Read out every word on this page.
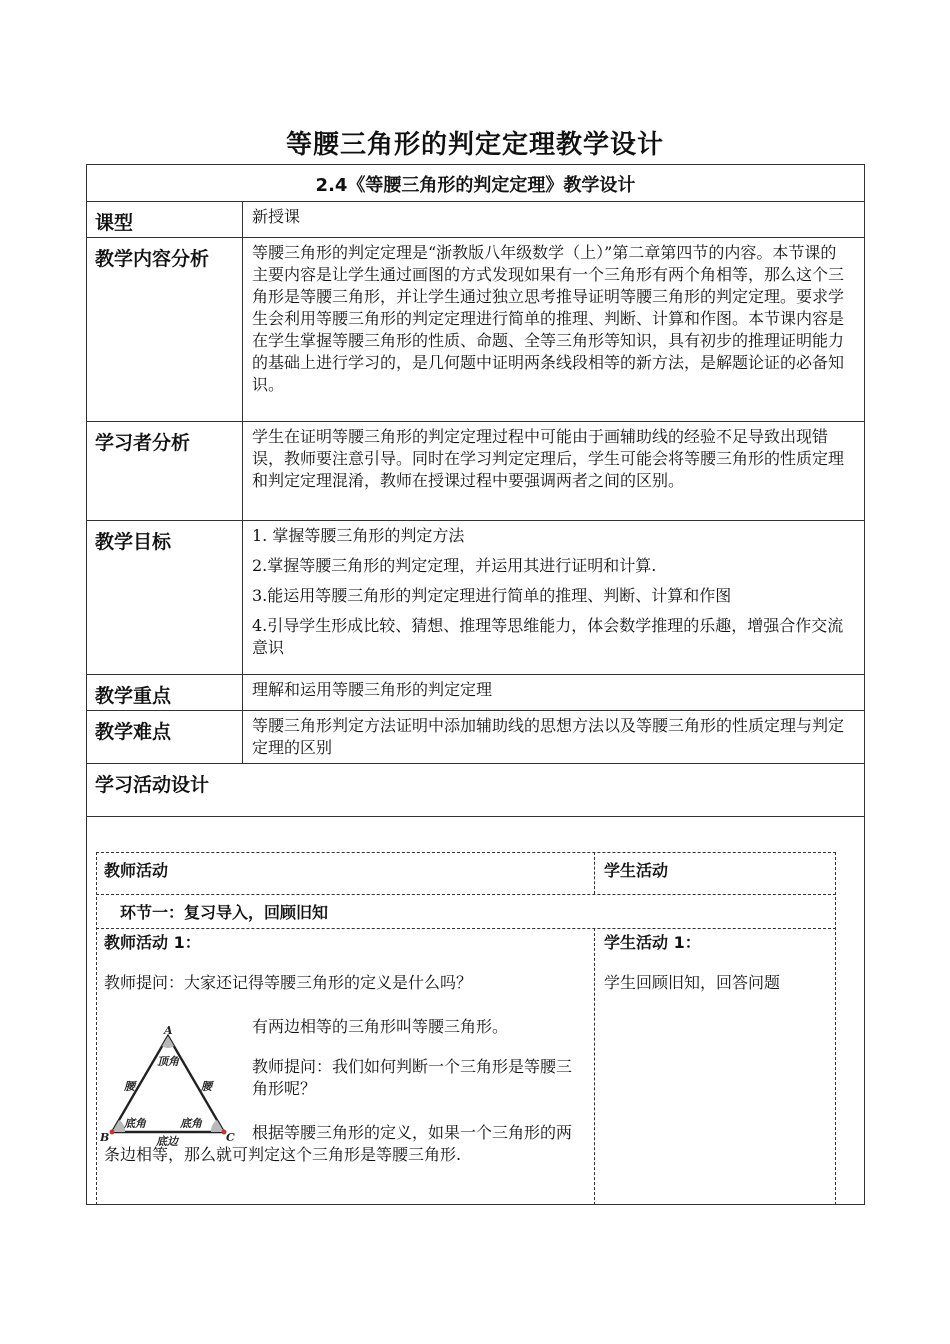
等腰三角形的判定定理教学设计
2.4《等腰三角形的判定定理》教学设计
课型	新授课
教学内容分析	等腰三角形的判定定理是“浙教版八年级数学（上）”第二章第四节的内容。本节课的主要内容是让学生通过画图的方式发现如果有一个三角形有两个角相等，那么这个三角形是等腰三角形，并让学生通过独立思考推导证明等腰三角形的判定定理。要求学生会利用等腰三角形的判定定理进行简单的推理、判断、计算和作图。本节课内容是在学生掌握等腰三角形的性质、命题、全等三角形等知识，具有初步的推理证明能力的基础上进行学习的，是几何题中证明两条线段相等的新方法，是解题论证的必备知识。
学习者分析	学生在证明等腰三角形的判定定理过程中可能由于画辅助线的经验不足导致出现错误，教师要注意引导。同时在学习判定定理后，学生可能会将等腰三角形的性质定理和判定定理混淆，教师在授课过程中要强调两者之间的区别。
教学目标	1. 掌握等腰三角形的判定方法

2.掌握等腰三角形的判定定理，并运用其进行证明和计算.

3.能运用等腰三角形的判定定理进行简单的推理、判断、计算和作图

4.引导学生形成比较、猜想、推理等思维能力，体会数学推理的乐趣，增强合作交流意识

教学重点	理解和运用等腰三角形的判定定理
教学难点	等腰三角形判定方法证明中添加辅助线的思想方法以及等腰三角形的性质定理与判定定理的区别
学习活动设计
教师活动	学生活动
环节一：复习导入，回顾旧知
教师活动 1：	学生活动 1：
教师提问：大家还记得等腰三角形的定义是什么吗？	学生回顾旧知，回答问题
有两边相等的三角形叫等腰三角形。
教师提问：我们如何判断一个三角形是等腰三角形呢？
根据等腰三角形的定义，如果一个三角形的两条边相等，那么就可判定这个三角形是等腰三角形.
A
B	C
顶角
腰	腰
底角	底角
底边
